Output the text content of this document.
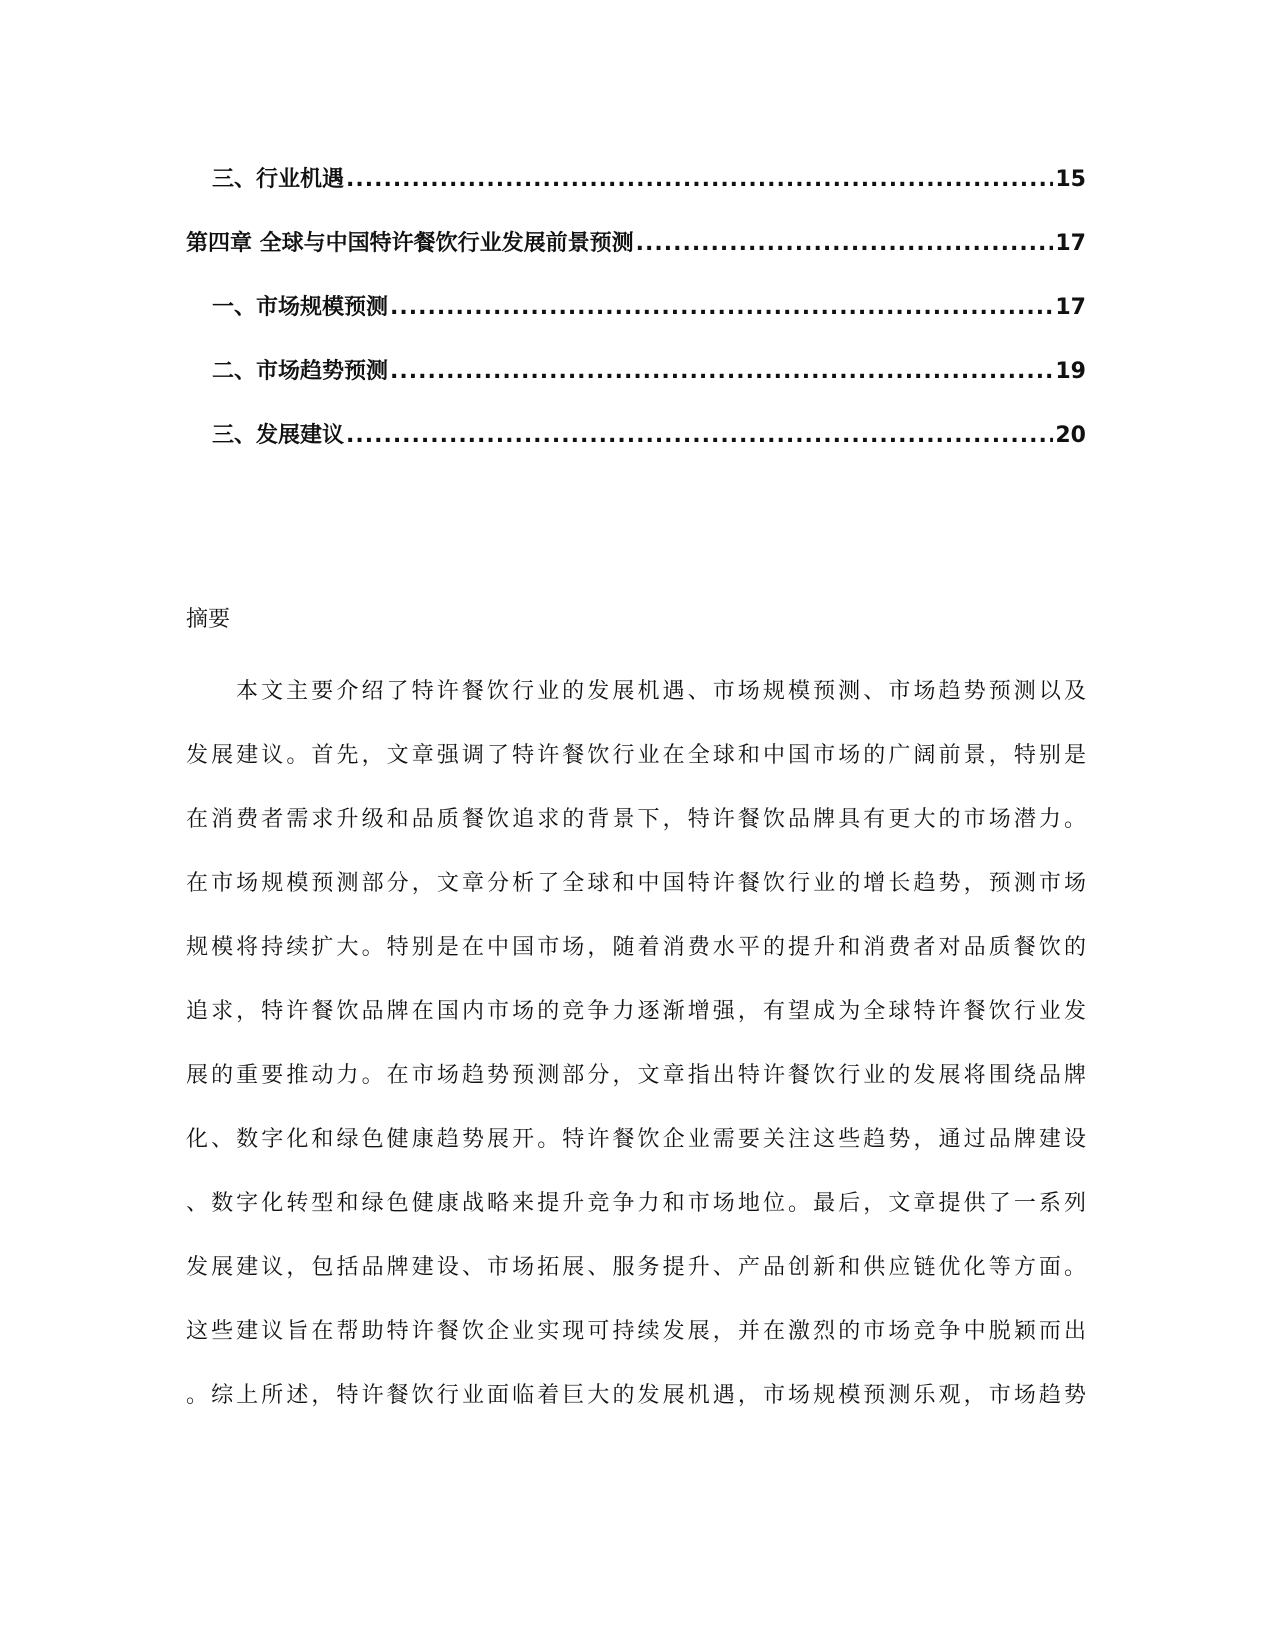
三、 行业机遇 .....	15
第四章 全球与中国特许餐饮行业发展前景预测 .....	17
一、 市场规模预测 .....	17
二、 市场趋势预测 .....	19
三、 发展建议 .....	20
摘要
本文主要介绍了特许餐饮行业的发展机遇、市场规模预测、市场趋势预测以及
发展建议。首先，文章强调了特许餐饮行业在全球和中国市场的广阔前景，特别是
在消费者需求升级和品质餐饮追求的背景下，特许餐饮品牌具有更大的市场潜力。
在市场规模预测部分，文章分析了全球和中国特许餐饮行业的增长趋势，预测市场
规模将持续扩大。特别是在中国市场，随着消费水平的提升和消费者对品质餐饮的
追求，特许餐饮品牌在国内市场的竞争力逐渐增强，有望成为全球特许餐饮行业发
展的重要推动力。在市场趋势预测部分，文章指出特许餐饮行业的发展将围绕品牌
化、数字化和绿色健康趋势展开。特许餐饮企业需要关注这些趋势，通过品牌建设
、数字化转型和绿色健康战略来提升竞争力和市场地位。最后，文章提供了一系列
发展建议，包括品牌建设、市场拓展、服务提升、产品创新和供应链优化等方面。
这些建议旨在帮助特许餐饮企业实现可持续发展，并在激烈的市场竞争中脱颖而出
。综上所述，特许餐饮行业面临着巨大的发展机遇，市场规模预测乐观，市场趋势
